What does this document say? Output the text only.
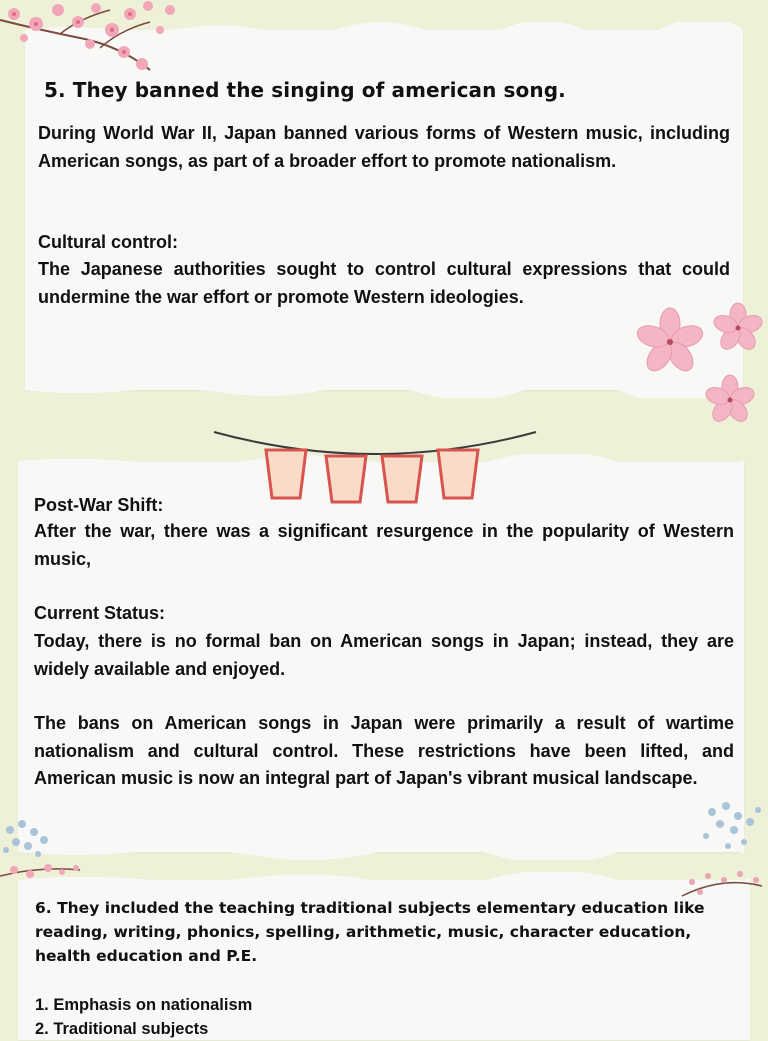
5. They banned the singing of american song.

During World War II, Japan banned various forms of Western music, including American songs, as part of a broader effort to promote nationalism.

Cultural control:

The Japanese authorities sought to control cultural expressions that could undermine the war effort or promote Western ideologies.

Post-War Shift:

After the war, there was a significant resurgence in the popularity of Western music,

Current Status:

Today, there is no formal ban on American songs in Japan; instead, they are widely available and enjoyed.

The bans on American songs in Japan were primarily a result of wartime nationalism and cultural control. These restrictions have been lifted, and American music is now an integral part of Japan's vibrant musical landscape.

6. They included the teaching traditional subjects elementary education like reading, writing, phonics, spelling, arithmetic, music, character education, health education and P.E.
1. Emphasis on nationalism
2. Traditional subjects
